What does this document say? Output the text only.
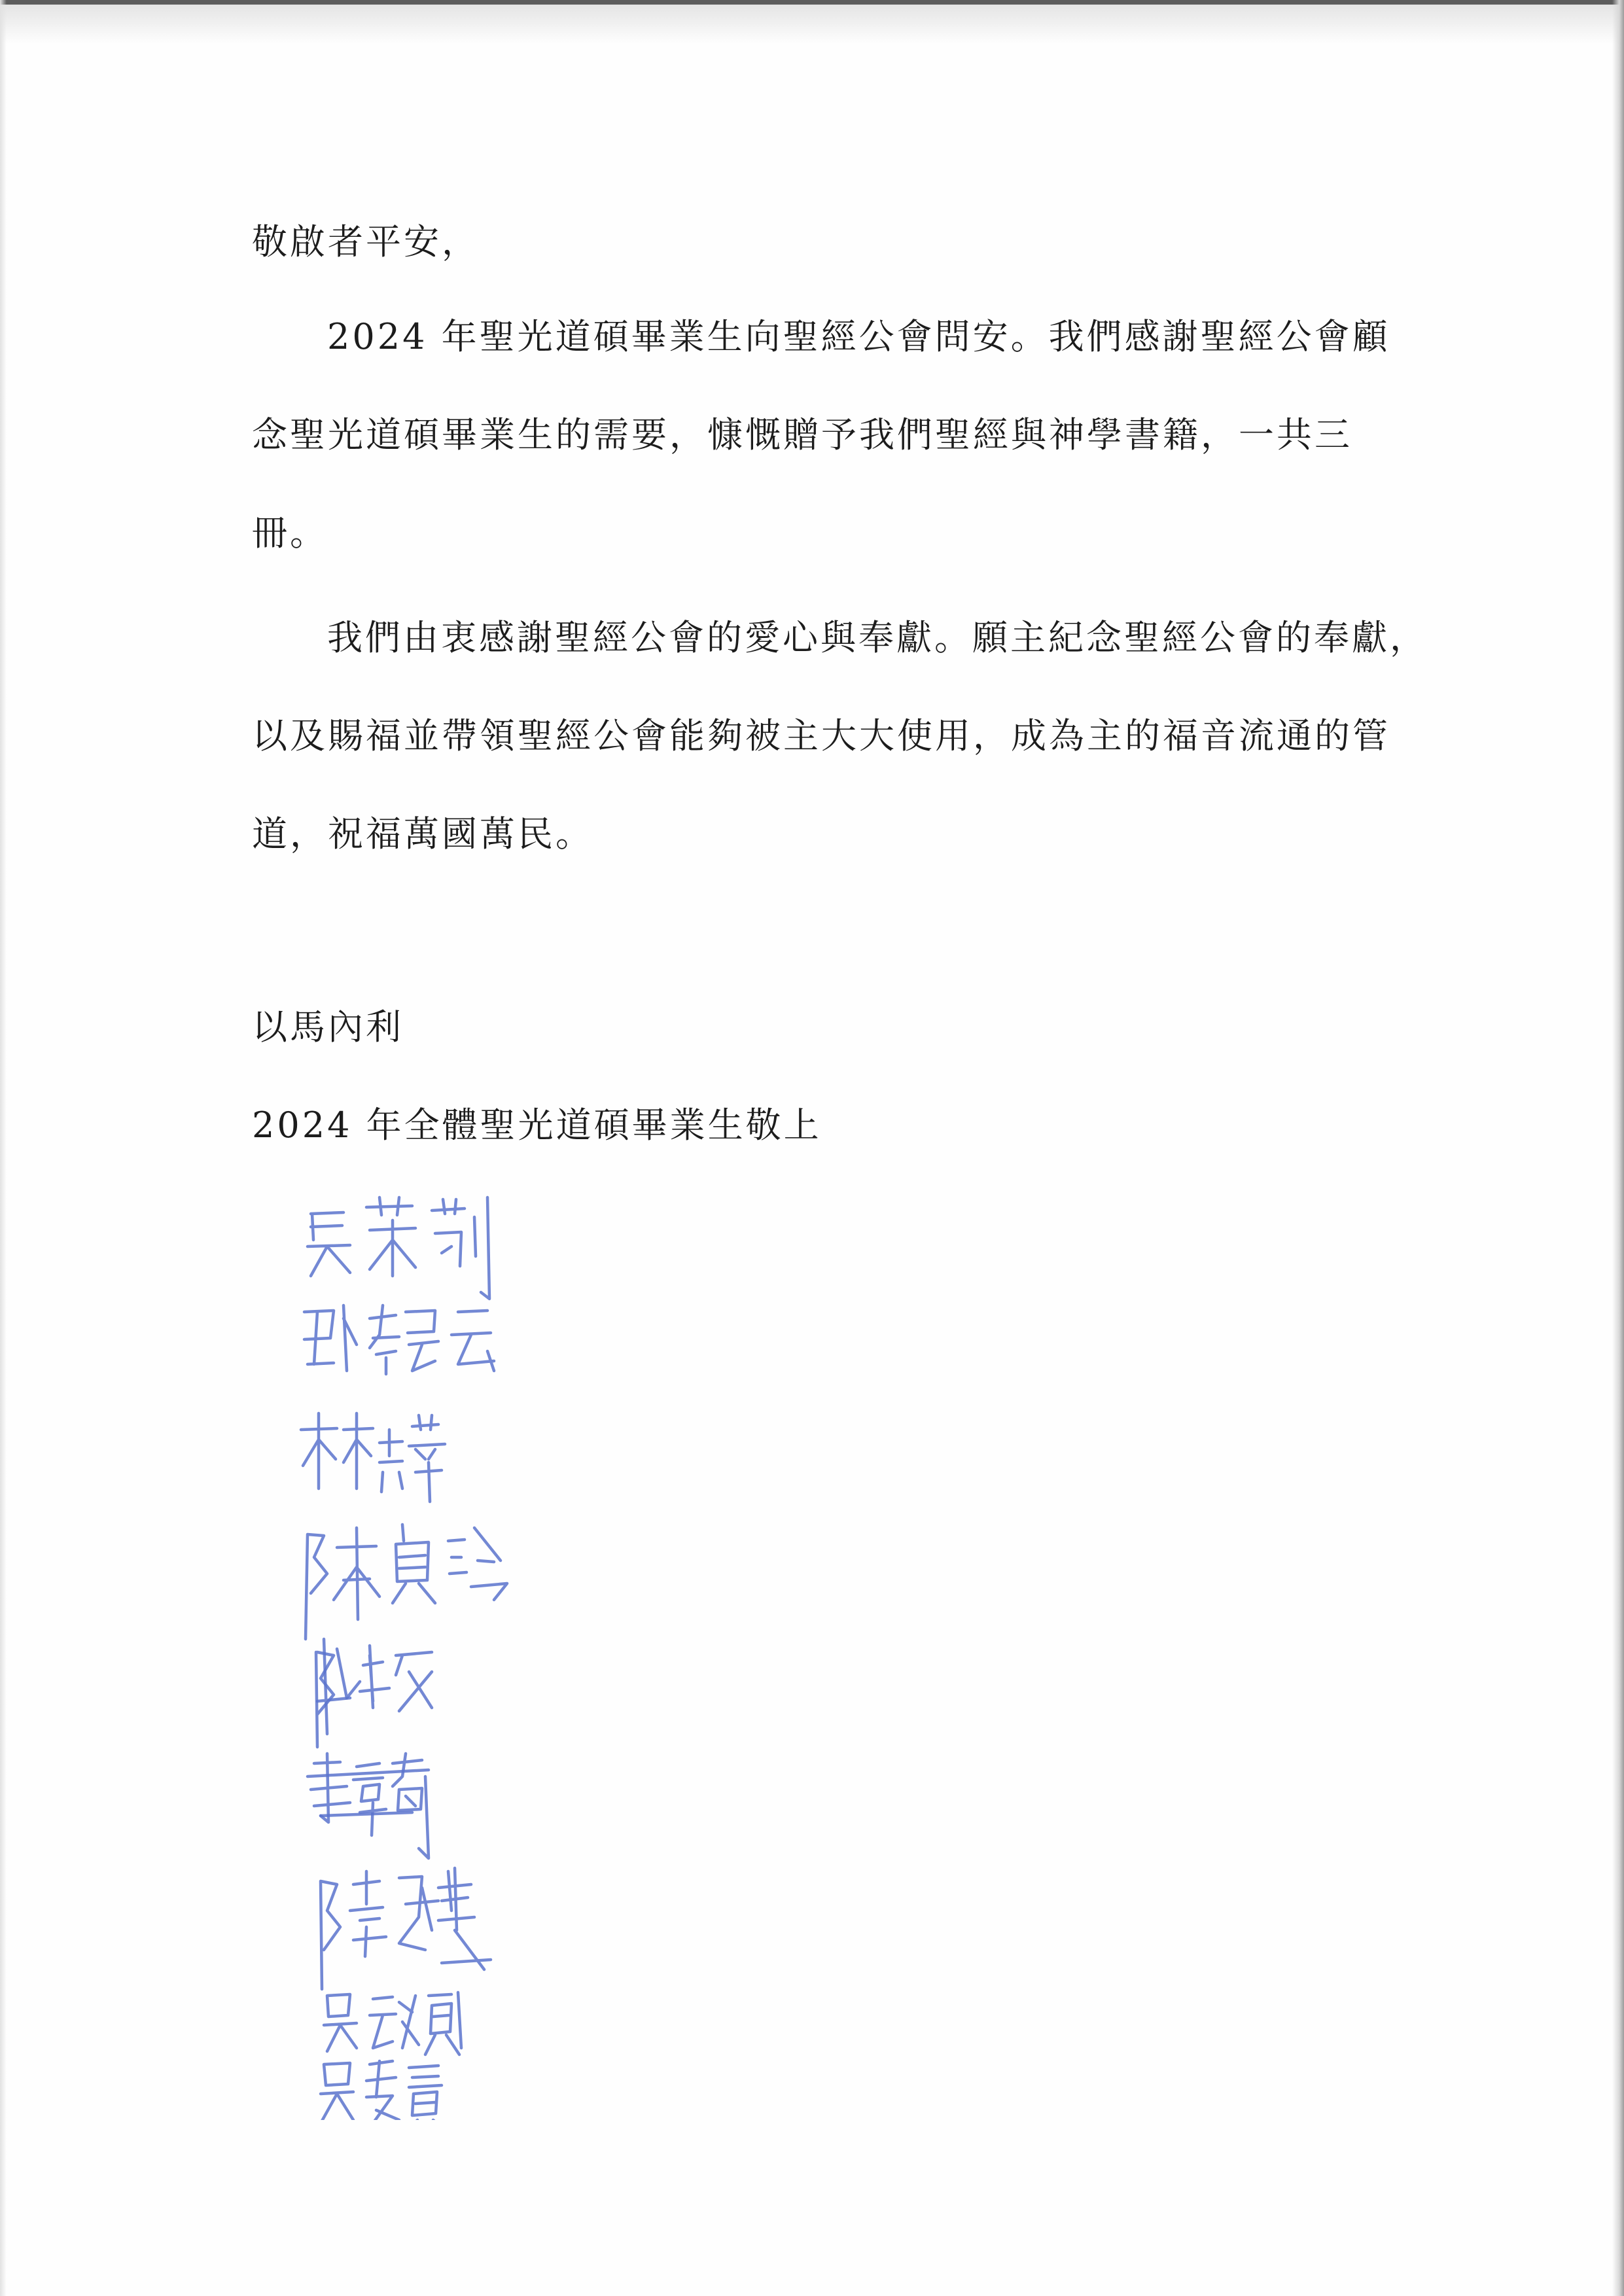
敬啟者平安，
2024 年聖光道碩畢業生向聖經公會問安。我們感謝聖經公會顧
念聖光道碩畢業生的需要，慷慨贈予我們聖經與神學書籍，一共三
冊。
我們由衷感謝聖經公會的愛心與奉獻。願主紀念聖經公會的奉獻，
以及賜福並帶領聖經公會能夠被主大大使用，成為主的福音流通的管
道，祝福萬國萬民。
以馬內利
2024 年全體聖光道碩畢業生敬上
